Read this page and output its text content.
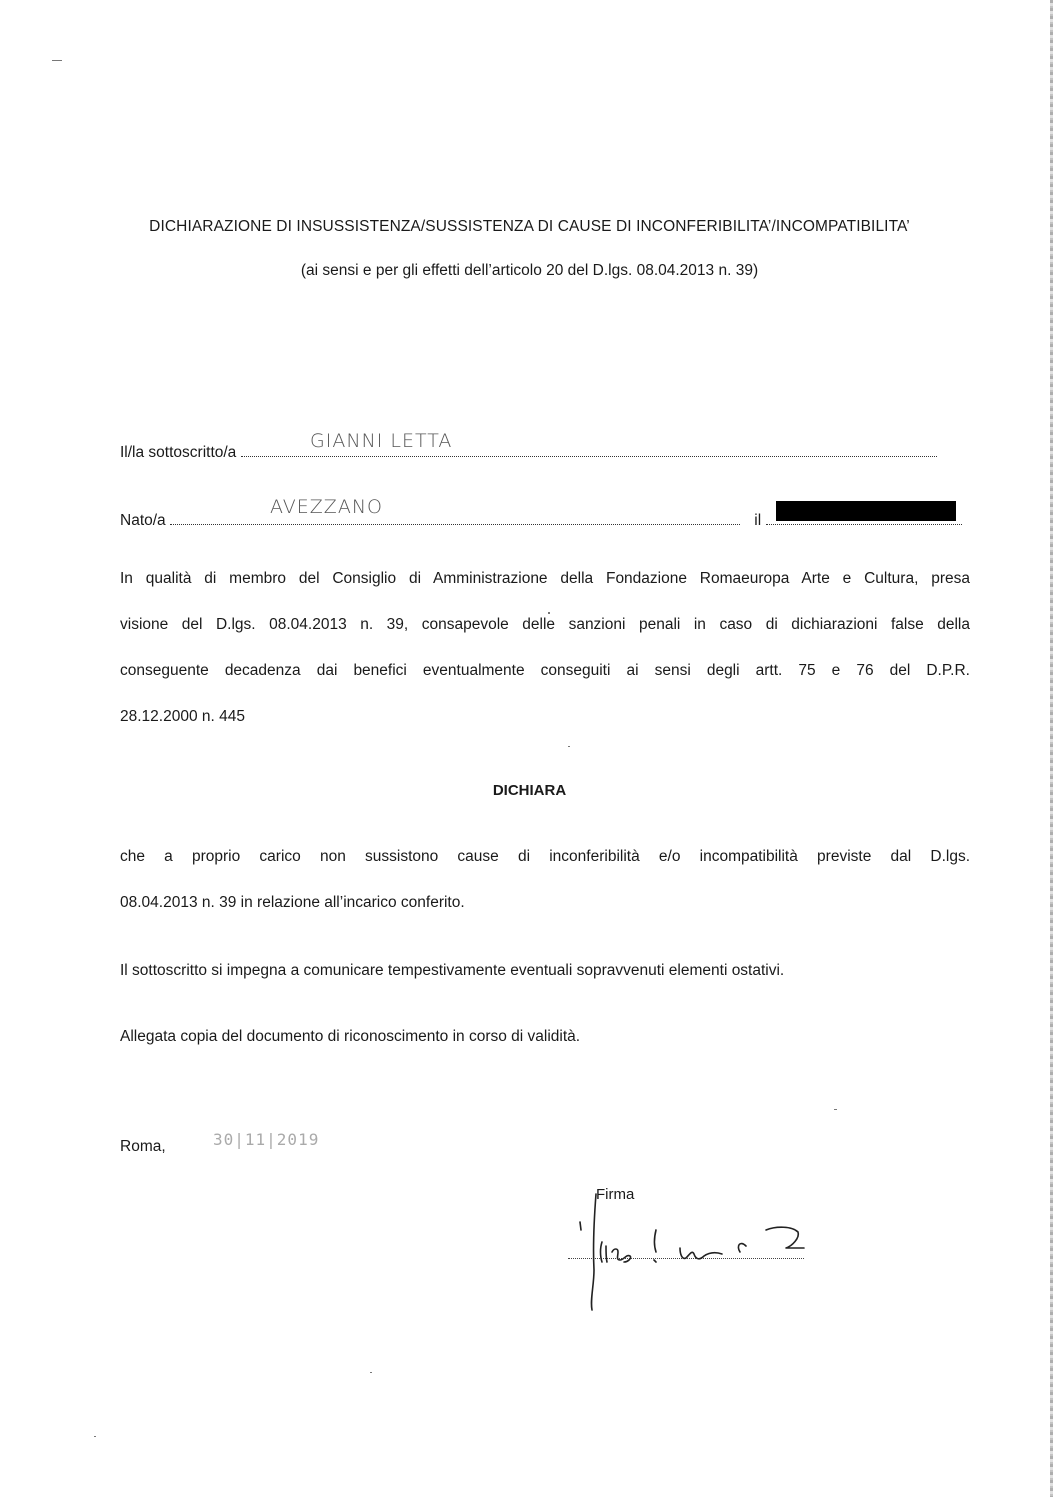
DICHIARAZIONE DI INSUSSISTENZA/SUSSISTENZA DI CAUSE DI INCONFERIBILITA’/INCOMPATIBILITA’
(ai sensi e per gli effetti dell’articolo 20 del D.lgs. 08.04.2013 n. 39)
Il/la sottoscritto/a
GIANNI LETTA
Nato/a	il
AVEZZANO
In qualità di membro del Consiglio di Amministrazione della Fondazione Romaeuropa Arte e Cultura, presa
visione del D.lgs. 08.04.2013 n. 39, consapevole delle sanzioni penali in caso di dichiarazioni false della
conseguente decadenza dai benefici eventualmente conseguiti ai sensi degli artt. 75 e 76 del D.P.R.
28.12.2000 n. 445
DICHIARA
che a proprio carico non sussistono cause di inconferibilità e/o incompatibilità previste dal D.lgs.
08.04.2013 n. 39 in relazione all’incarico conferito.
Il sottoscritto si impegna a comunicare tempestivamente eventuali sopravvenuti elementi ostativi.
Allegata copia del documento di riconoscimento in corso di validità.
Roma,	30|11|2019
Firma
